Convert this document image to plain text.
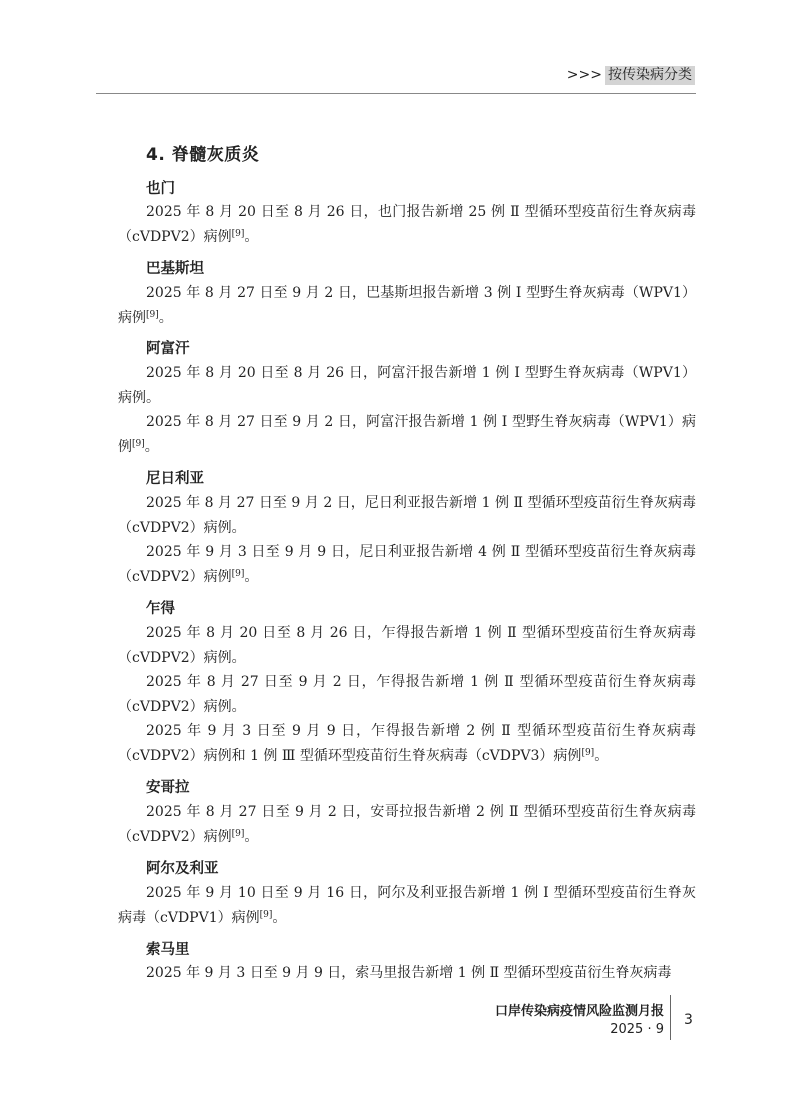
>>> 按传染病分类
4. 脊髓灰质炎
也门

2025 年 8 月 20 日至 8 月 26 日，也门报告新增 25 例 Ⅱ 型循环型疫苗衍生脊灰病毒（cVDPV2）病例[9]。

巴基斯坦

2025 年 8 月 27 日至 9 月 2 日，巴基斯坦报告新增 3 例 Ⅰ 型野生脊灰病毒（WPV1）病例[9]。

阿富汗

2025 年 8 月 20 日至 8 月 26 日，阿富汗报告新增 1 例 Ⅰ 型野生脊灰病毒（WPV1）病例。

2025 年 8 月 27 日至 9 月 2 日，阿富汗报告新增 1 例 Ⅰ 型野生脊灰病毒（WPV1）病例[9]。

尼日利亚

2025 年 8 月 27 日至 9 月 2 日，尼日利亚报告新增 1 例 Ⅱ 型循环型疫苗衍生脊灰病毒（cVDPV2）病例。

2025 年 9 月 3 日至 9 月 9 日，尼日利亚报告新增 4 例 Ⅱ 型循环型疫苗衍生脊灰病毒（cVDPV2）病例[9]。

乍得

2025 年 8 月 20 日至 8 月 26 日，乍得报告新增 1 例 Ⅱ 型循环型疫苗衍生脊灰病毒（cVDPV2）病例。

2025 年 8 月 27 日至 9 月 2 日，乍得报告新增 1 例 Ⅱ 型循环型疫苗衍生脊灰病毒（cVDPV2）病例。

2025 年 9 月 3 日至 9 月 9 日，乍得报告新增 2 例 Ⅱ 型循环型疫苗衍生脊灰病毒（cVDPV2）病例和 1 例 Ⅲ 型循环型疫苗衍生脊灰病毒（cVDPV3）病例[9]。

安哥拉

2025 年 8 月 27 日至 9 月 2 日，安哥拉报告新增 2 例 Ⅱ 型循环型疫苗衍生脊灰病毒（cVDPV2）病例[9]。

阿尔及利亚

2025 年 9 月 10 日至 9 月 16 日，阿尔及利亚报告新增 1 例 Ⅰ 型循环型疫苗衍生脊灰病毒（cVDPV1）病例[9]。

索马里

2025 年 9 月 3 日至 9 月 9 日，索马里报告新增 1 例 Ⅱ 型循环型疫苗衍生脊灰病毒

口岸传染病疫情风险监测月报
2025 · 9
3
